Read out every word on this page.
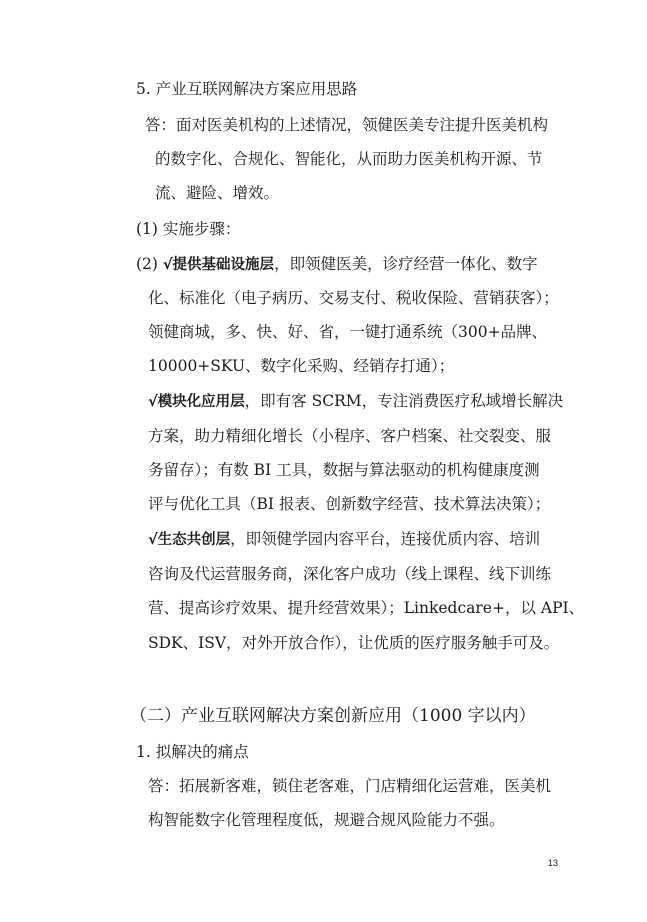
5. 产业互联网解决方案应用思路
答：面对医美机构的上述情况，领健医美专注提升医美机构
的数字化、合规化、智能化，从而助力医美机构开源、节
流、避险、增效。
(1) 实施步骤：
(2) √提供基础设施层，即领健医美，诊疗经营一体化、数字
化、标准化（电子病历、交易支付、税收保险、营销获客）；
领健商城，多、快、好、省，一键打通系统（300+品牌、
10000+SKU、数字化采购、经销存打通）；
√模块化应用层，即有客 SCRM，专注消费医疗私域增长解决
方案，助力精细化增长（小程序、客户档案、社交裂变、服
务留存）；有数 BI 工具，数据与算法驱动的机构健康度测
评与优化工具（BI 报表、创新数字经营、技术算法决策）；
√生态共创层，即领健学园内容平台，连接优质内容、培训
咨询及代运营服务商，深化客户成功（线上课程、线下训练
营、提高诊疗效果、提升经营效果）；Linkedcare+，以 API、
SDK、ISV，对外开放合作），让优质的医疗服务触手可及。
（二）产业互联网解决方案创新应用（1000 字以内）
1. 拟解决的痛点
答：拓展新客难，锁住老客难，门店精细化运营难，医美机
构智能数字化管理程度低，规避合规风险能力不强。
13
